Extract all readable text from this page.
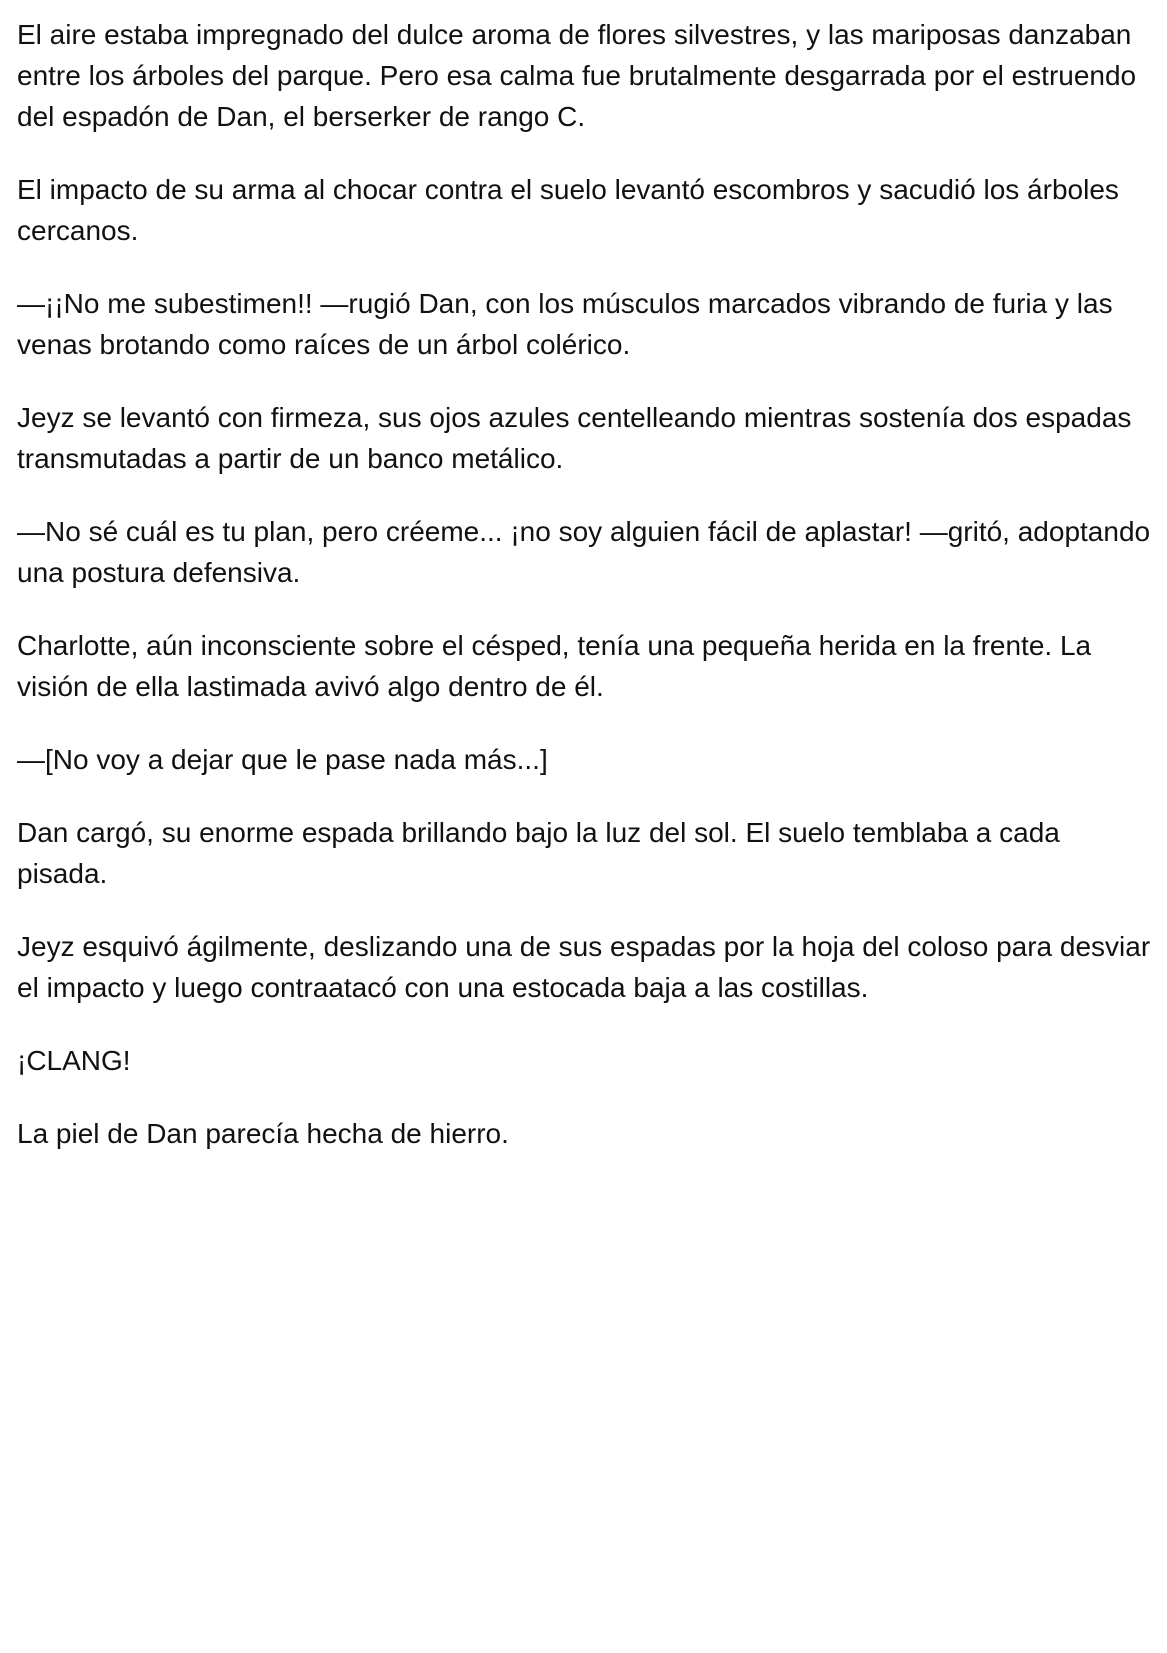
El aire estaba impregnado del dulce aroma de flores silvestres, y las mariposas danzaban entre los árboles del parque. Pero esa calma fue brutalmente desgarrada por el estruendo del espadón de Dan, el berserker de rango C.

El impacto de su arma al chocar contra el suelo levantó escombros y sacudió los árboles cercanos.

—¡¡No me subestimen!! —rugió Dan, con los músculos marcados vibrando de furia y las venas brotando como raíces de un árbol colérico.

Jeyz se levantó con firmeza, sus ojos azules centelleando mientras sostenía dos espadas transmutadas a partir de un banco metálico.

—No sé cuál es tu plan, pero créeme... ¡no soy alguien fácil de aplastar! —gritó, adoptando una postura defensiva.

Charlotte, aún inconsciente sobre el césped, tenía una pequeña herida en la frente. La visión de ella lastimada avivó algo dentro de él.

—[No voy a dejar que le pase nada más...]

Dan cargó, su enorme espada brillando bajo la luz del sol. El suelo temblaba a cada pisada.

Jeyz esquivó ágilmente, deslizando una de sus espadas por la hoja del coloso para desviar el impacto y luego contraatacó con una estocada baja a las costillas.

¡CLANG!

La piel de Dan parecía hecha de hierro.
